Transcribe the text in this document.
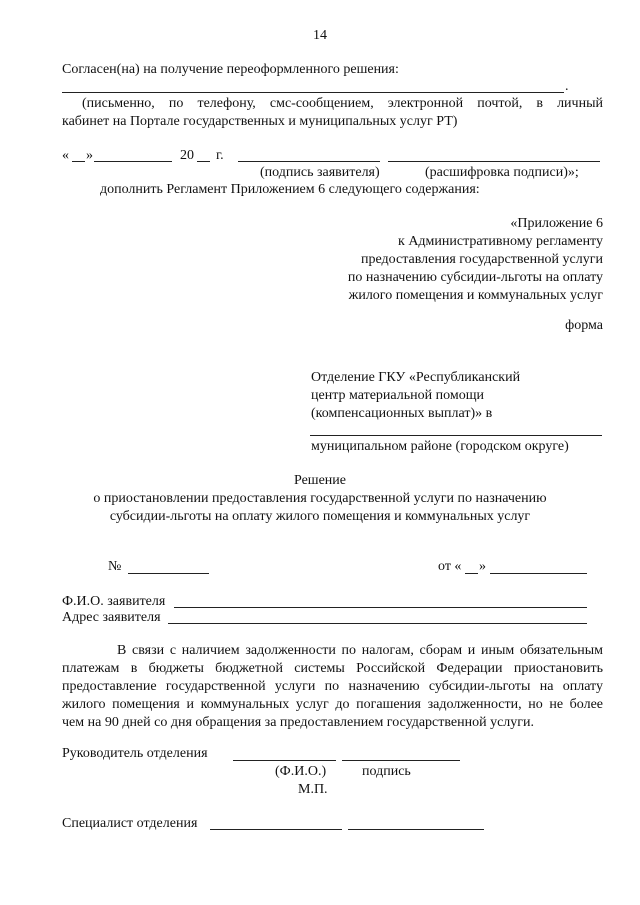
14
Согласен(на) на получение переоформленного решения:
.
(письменно, по телефону, смс-сообщением, электронной почтой, в личный
кабинет на Портале государственных и муниципальных услуг РТ)
« »	20 г.
(подпись заявителя)	(расшифровка подписи)»;
дополнить Регламент Приложением 6 следующего содержания:
«Приложение 6
к Административному регламенту
предоставления государственной услуги
по назначению субсидии-льготы на оплату
жилого помещения и коммунальных услуг
форма
Отделение ГКУ «Республиканский
центр материальной помощи
(компенсационных выплат)» в
муниципальном районе (городском округе)
Решение
о приостановлении предоставления государственной услуги по назначению
субсидии-льготы на оплату жилого помещения и коммунальных услуг
№	от « »
Ф.И.О. заявителя
Адрес заявителя
В связи с наличием задолженности по налогам, сборам и иным обязательным
платежам в бюджеты бюджетной системы Российской Федерации приостановить
предоставление государственной услуги по назначению субсидии-льготы на оплату
жилого помещения и коммунальных услуг до погашения задолженности, но не более
чем на 90 дней со дня обращения за предоставлением государственной услуги.
Руководитель отделения
(Ф.И.О.)	подпись
М.П.
Специалист отделения
